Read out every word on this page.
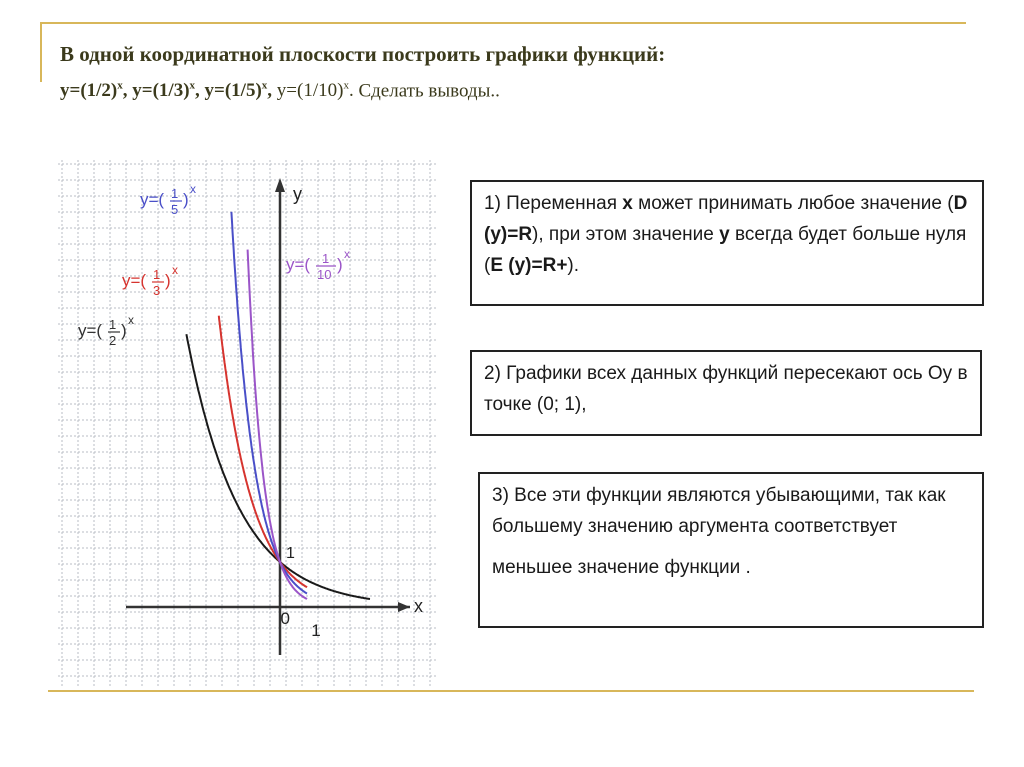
В одной координатной плоскости построить графики функций:
$y=(1/2)^x$, $y=(1/3)^x$, $y=(1/5)^x$, $y=(1/10)^x$. Сделать выводы..
x
y
0
1
1
y=( 1
2
)
x
y=( 1
3
)
x
y=( 1
5
)
x
y=( 1
10
)
x
1) Переменная х может принимать любое значение (D (y)=R), при этом значение у всегда будет больше нуля (E (y)=R+).
2) Графики всех данных функций пересекают ось Оу в точке (0; 1),
3) Все эти функции являются убывающими, так как большему значению аргумента соответствует
меньшее значение функции .
